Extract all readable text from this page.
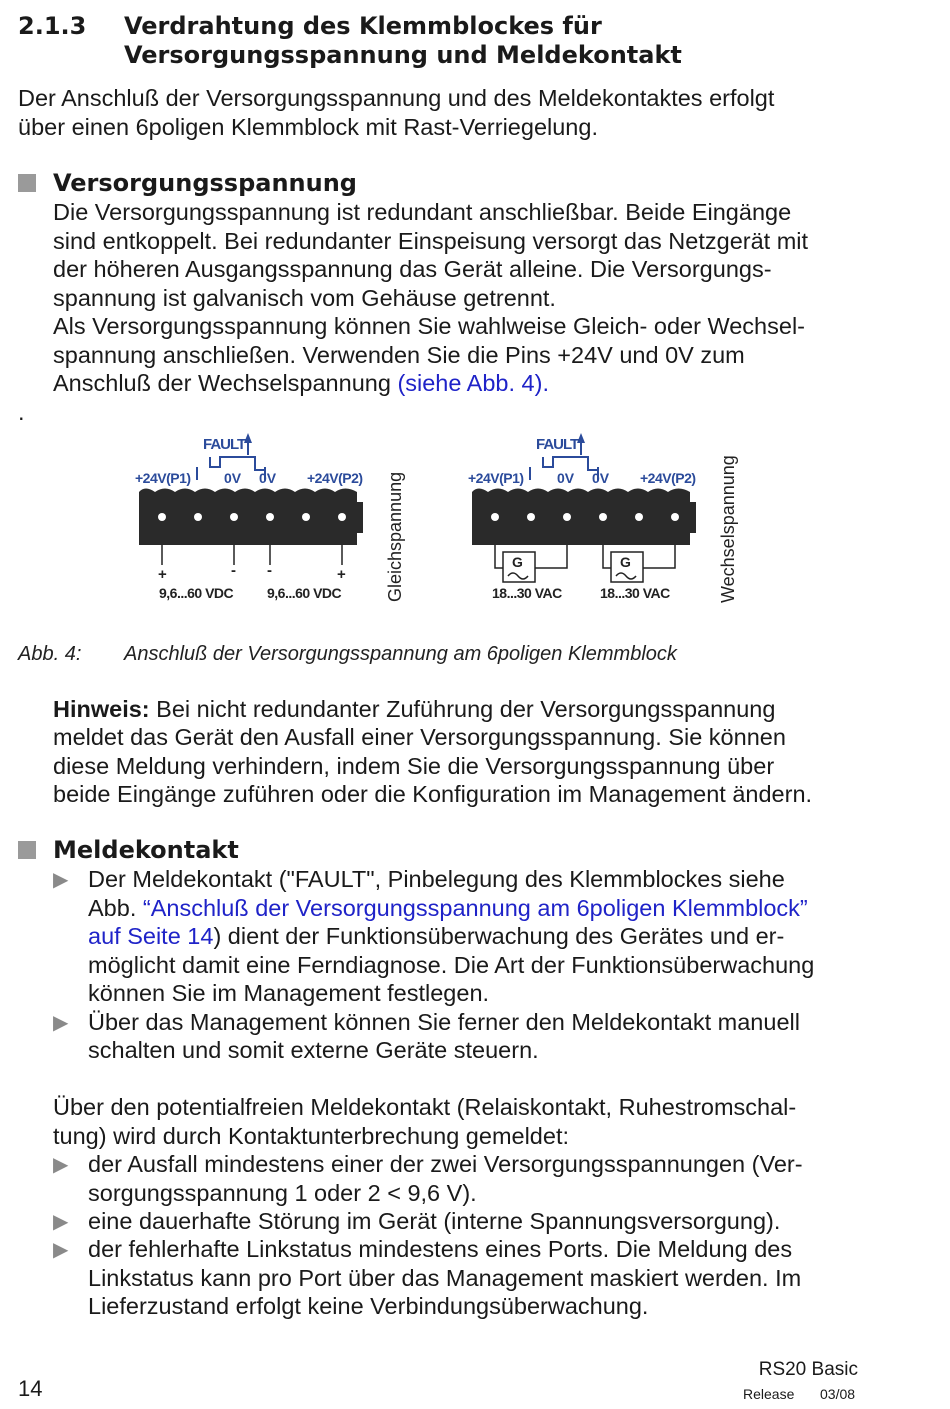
2.1.3 Verdrahtung des Klemmblockes für
Versorgungsspannung und Meldekontakt
Der Anschluß der Versorgungsspannung und des Meldekontaktes erfolgt
über einen 6poligen Klemmblock mit Rast-Verriegelung.
Versorgungsspannung
Die Versorgungsspannung ist redundant anschließbar. Beide Eingänge
sind entkoppelt. Bei redundanter Einspeisung versorgt das Netzgerät mit
der höheren Ausgangsspannung das Gerät alleine. Die Versorgungs-
spannung ist galvanisch vom Gehäuse getrennt.
Als Versorgungsspannung können Sie wahlweise Gleich- oder Wechsel-
spannung anschließen. Verwenden Sie die Pins +24V und 0V zum
Anschluß der Wechselspannung (siehe Abb. 4).
.
FAULT
+24V(P1) 0V 0V +24V(P2)
+	- -	+
9,6...60 VDC 9,6...60 VDC Gleichspannung
FAULT
+24V(P1) 0V 0V +24V(P2)
G	G
18...30 VAC	18...30 VAC	Wechselspannung
Abb. 4: Anschluß der Versorgungsspannung am 6poligen Klemmblock
Hinweis: Bei nicht redundanter Zuführung der Versorgungsspannung
meldet das Gerät den Ausfall einer Versorgungsspannung. Sie können
diese Meldung verhindern, indem Sie die Versorgungsspannung über
beide Eingänge zuführen oder die Konfiguration im Management ändern.
Meldekontakt
▶ Der Meldekontakt ("FAULT", Pinbelegung des Klemmblockes siehe
Abb. “Anschluß der Versorgungsspannung am 6poligen Klemmblock”
auf Seite 14) dient der Funktionsüberwachung des Gerätes und er-
möglicht damit eine Ferndiagnose. Die Art der Funktionsüberwachung
können Sie im Management festlegen.
▶ Über das Management können Sie ferner den Meldekontakt manuell
schalten und somit externe Geräte steuern.
Über den potentialfreien Meldekontakt (Relaiskontakt, Ruhestromschal-
tung) wird durch Kontaktunterbrechung gemeldet:
▶ der Ausfall mindestens einer der zwei Versorgungsspannungen (Ver-
sorgungsspannung 1 oder 2 < 9,6 V).
▶ eine dauerhafte Störung im Gerät (interne Spannungsversorgung).
▶ der fehlerhafte Linkstatus mindestens eines Ports. Die Meldung des
Linkstatus kann pro Port über das Management maskiert werden. Im
Lieferzustand erfolgt keine Verbindungsüberwachung.
14
RS20 Basic
Release 03/08
